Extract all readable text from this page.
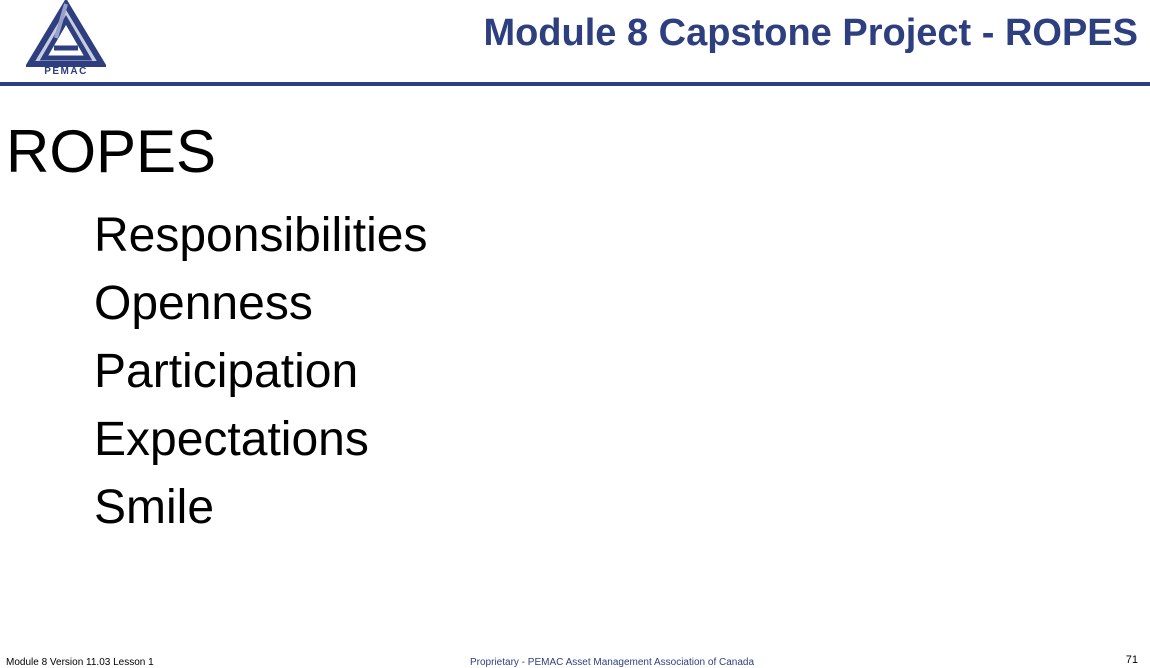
PEMAC
Module 8 Capstone Project - ROPES
ROPES
Responsibilities
Openness
Participation
Expectations
Smile
Module 8 Version 11.03 Lesson 1	Proprietary - PEMAC Asset Management Association of Canada	71
